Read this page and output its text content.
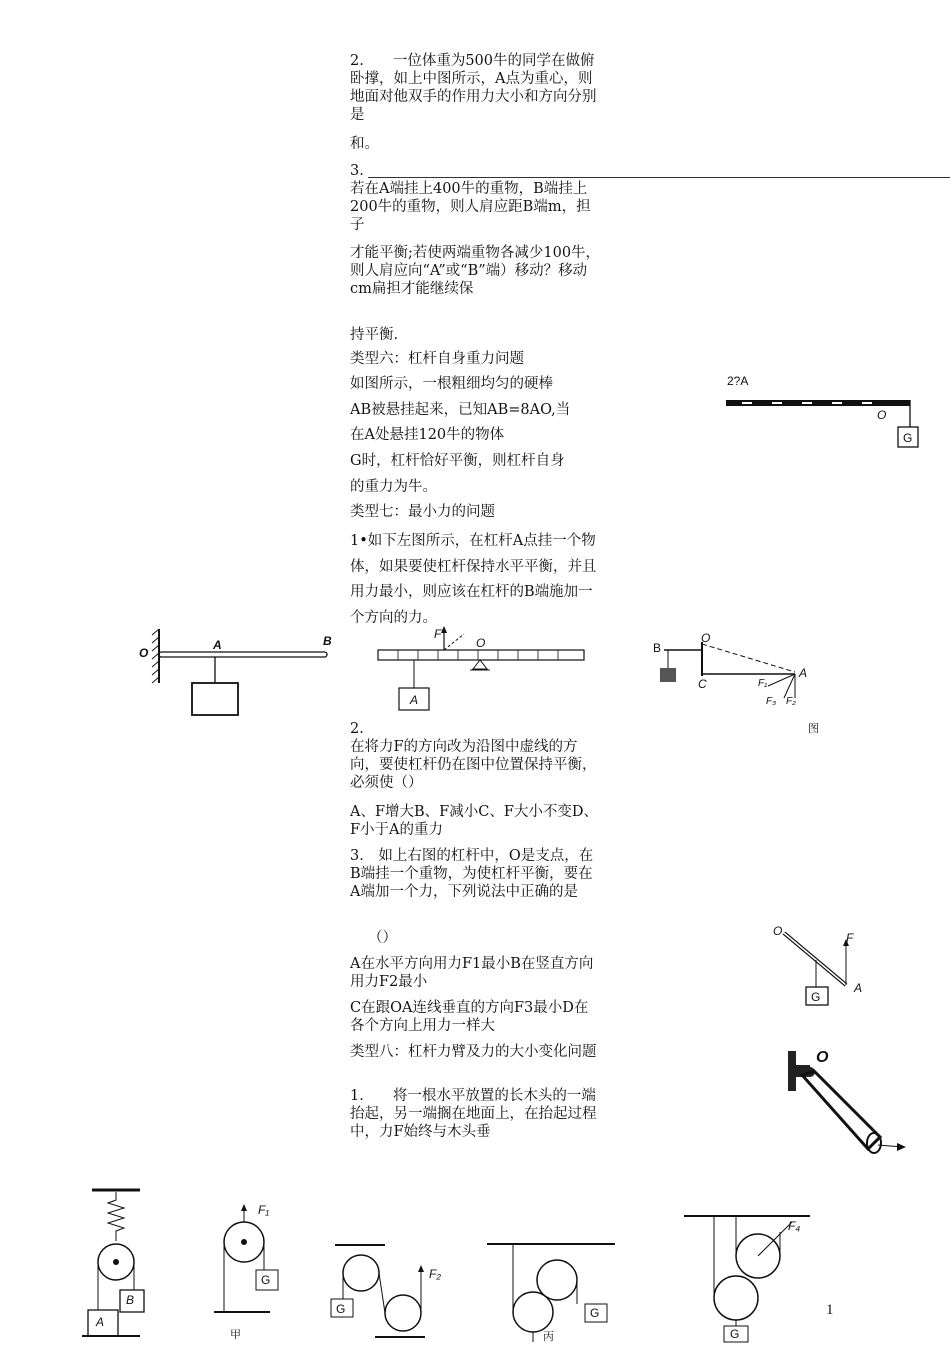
2.　　一位体重为500牛的同学在做俯卧撑，如上中图所示，A点为重心，则地面对他双手的作用力大小和方向分别是

和。

3.

若在A端挂上400牛的重物，B端挂上200牛的重物，则人肩应距B端m，担子

才能平衡;若使两端重物各减少100牛，则人肩应向“A”或“B”端）移动？移动cm扁担才能继续保

持平衡.

类型六：杠杆自身重力问题

如图所示，一根粗细均匀的硬棒

AB被悬挂起来，已知AB=8AO,当

在A处悬挂120牛的物体

G时，杠杆恰好平衡，则杠杆自身

的重力为牛。

类型七：最小力的问题

1•如下左图所示，在杠杆A点挂一个物体，如果要使杠杆保持水平平衡，并且用力最小，则应该在杠杆的B端施加一个方向的力。

2.

在将力F的方向改为沿图中虚线的方向，要使杠杆仍在图中位置保持平衡，必须使（）

A、F增大B、F减小C、F大小不变D、F小于A的重力

3.　如上右图的杠杆中，O是支点，在B端挂一个重物，为使杠杆平衡，要在A端加一个力，下列说法中正确的是

（）

A在水平方向用力F1最小B在竖直方向用力F2最小

C在跟OA连线垂直的方向F3最小D在各个方向上用力一样大

类型八：杠杆力臂及力的大小变化问题

1.　　将一根水平放置的长木头的一端抬起，另一端搁在地面上，在抬起过程中，力F始终与木头垂

2?A
O
G
O
A	B	F
O
A
B
O
C
A
F₁
F₃ F₂
图
O	F
A
G
O
B
A
F₁
G
甲
F₂
G	G
丙
F₄
G
1
